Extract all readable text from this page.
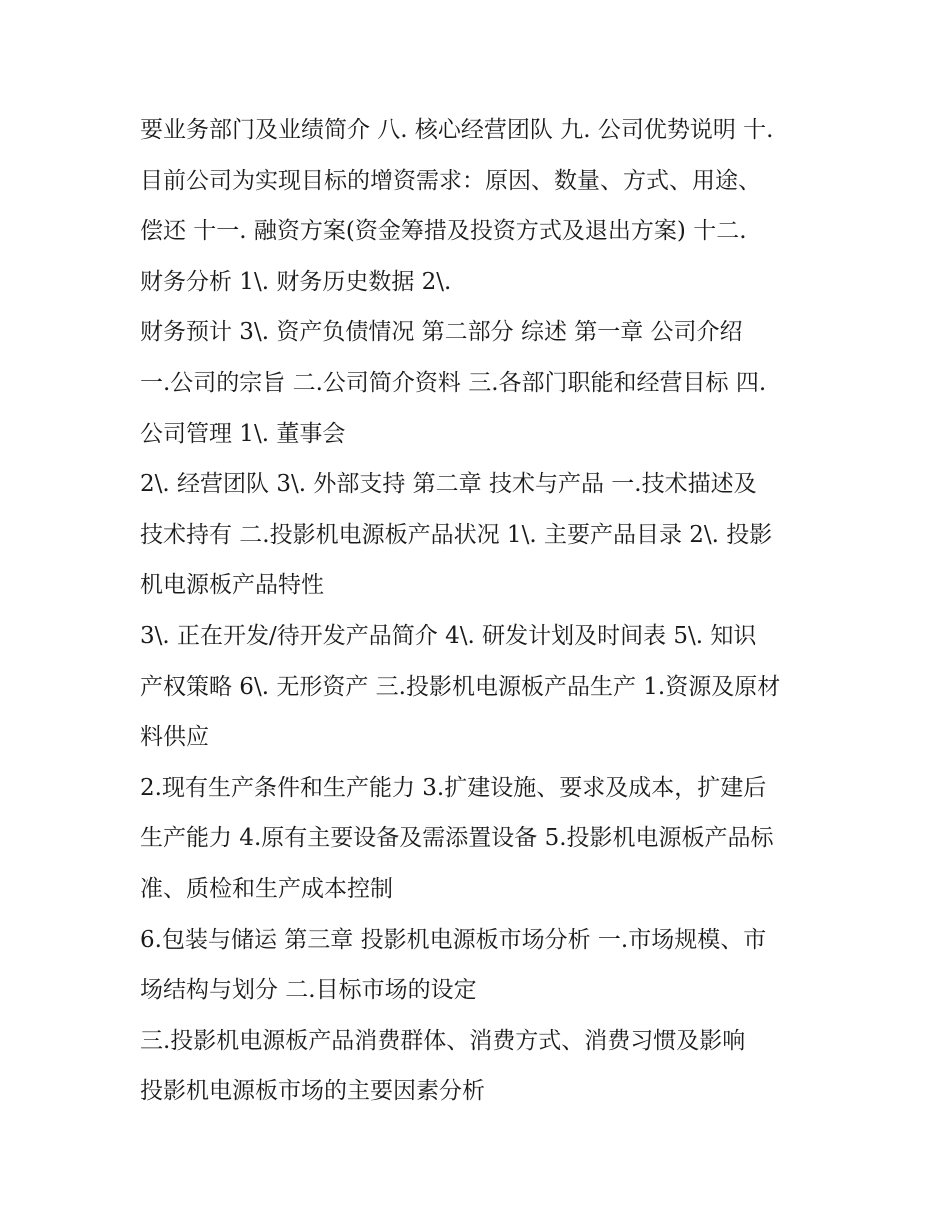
要业务部门及业绩简介 八. 核心经营团队 九. 公司优势说明 十.
目前公司为实现目标的增资需求：原因、数量、方式、用途、
偿还 十一. 融资方案(资金筹措及投资方式及退出方案) 十二.
财务分析 1\. 财务历史数据 2\.
财务预计 3\. 资产负债情况 第二部分 综述 第一章 公司介绍
一.公司的宗旨 二.公司简介资料 三.各部门职能和经营目标 四.
公司管理 1\. 董事会
2\. 经营团队 3\. 外部支持 第二章 技术与产品 一.技术描述及
技术持有 二.投影机电源板产品状况 1\. 主要产品目录 2\. 投影
机电源板产品特性
3\. 正在开发/待开发产品简介 4\. 研发计划及时间表 5\. 知识
产权策略 6\. 无形资产 三.投影机电源板产品生产 1.资源及原材
料供应
2.现有生产条件和生产能力 3.扩建设施、要求及成本，扩建后
生产能力 4.原有主要设备及需添置设备 5.投影机电源板产品标
准、质检和生产成本控制
6.包装与储运 第三章 投影机电源板市场分析 一.市场规模、市
场结构与划分 二.目标市场的设定
三.投影机电源板产品消费群体、消费方式、消费习惯及影响
投影机电源板市场的主要因素分析
